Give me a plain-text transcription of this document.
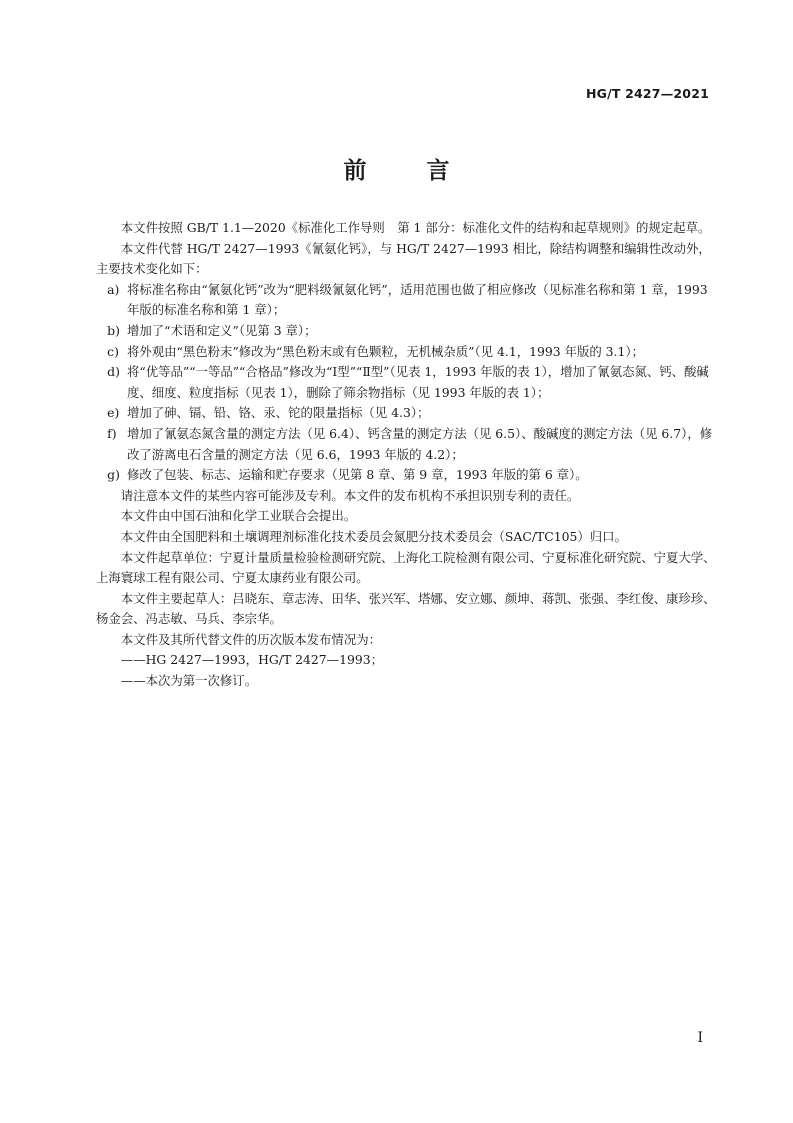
HG/T 2427—2021
前 言

本文件按照 GB/T 1.1—2020《标准化工作导则　第 1 部分：标准化文件的结构和起草规则》的规定起草。

本文件代替 HG/T 2427—1993《氰氨化钙》，与 HG/T 2427—1993 相比，除结构调整和编辑性改动外，主要技术变化如下：

a) 将标准名称由“氰氨化钙”改为“肥料级氰氨化钙”，适用范围也做了相应修改（见标准名称和第 1 章，1993 年版的标准名称和第 1 章）；
b) 增加了“术语和定义”（见第 3 章）；
c) 将外观由“黑色粉末”修改为“黑色粉末或有色颗粒，无机械杂质”（见 4.1，1993 年版的 3.1）；
d) 将“优等品”“一等品”“合格品”修改为“Ⅰ型”“Ⅱ型”（见表 1，1993 年版的表 1），增加了氰氨态氮、钙、酸碱度、细度、粒度指标（见表 1），删除了筛余物指标（见 1993 年版的表 1）；
e) 增加了砷、镉、铅、铬、汞、铊的限量指标（见 4.3）；
f) 增加了氰氨态氮含量的测定方法（见 6.4）、钙含量的测定方法（见 6.5）、酸碱度的测定方法（见 6.7），修改了游离电石含量的测定方法（见 6.6，1993 年版的 4.2）；
g) 修改了包装、标志、运输和贮存要求（见第 8 章、第 9 章，1993 年版的第 6 章）。

请注意本文件的某些内容可能涉及专利。本文件的发布机构不承担识别专利的责任。

本文件由中国石油和化学工业联合会提出。

本文件由全国肥料和土壤调理剂标准化技术委员会氮肥分技术委员会（SAC/TC105）归口。

本文件起草单位：宁夏计量质量检验检测研究院、上海化工院检测有限公司、宁夏标准化研究院、宁夏大学、上海寰球工程有限公司、宁夏太康药业有限公司。

本文件主要起草人：吕晓东、章志涛、田华、张兴军、塔娜、安立娜、颜坤、蒋凯、张强、李红俊、康珍珍、杨金会、冯志敏、马兵、李宗华。

本文件及其所代替文件的历次版本发布情况为：

——HG 2427—1993，HG/T 2427—1993；

——本次为第一次修订。

I
